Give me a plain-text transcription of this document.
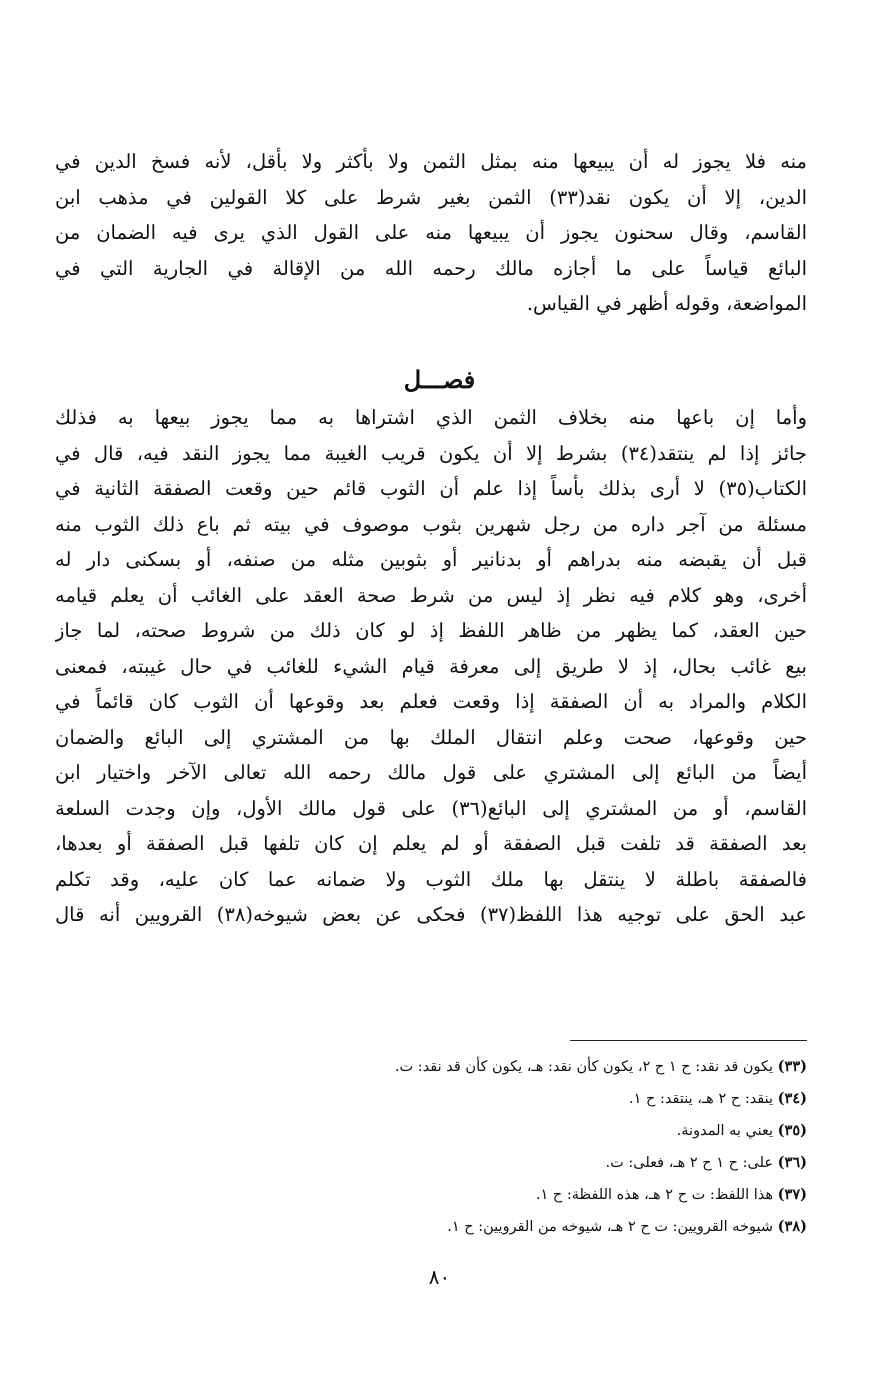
منه فلا يجوز له أن يبيعها منه بمثل الثمن ولا بأكثر ولا بأقل، لأنه فسخ الدين في
الدين، إلا أن يكون نقد(٣٣) الثمن بغير شرط على كلا القولين في مذهب ابن
القاسم، وقال سحنون يجوز أن يبيعها منه على القول الذي يرى فيه الضمان من
البائع قياساً على ما أجازه مالك رحمه الله من الإقالة في الجارية التي في
المواضعة، وقوله أظهر في القياس.
فصـــل
وأما إن باعها منه بخلاف الثمن الذي اشتراها به مما يجوز بيعها به فذلك
جائز إذا لم ينتقد(٣٤) بشرط إلا أن يكون قريب الغيبة مما يجوز النقد فيه، قال في
الكتاب(٣٥) لا أرى بذلك بأساً إذا علم أن الثوب قائم حين وقعت الصفقة الثانية في
مسئلة من آجر داره من رجل شهرين بثوب موصوف في بيته ثم باع ذلك الثوب منه
قبل أن يقبضه منه بدراهم أو بدنانير أو بثوبين مثله من صنفه، أو بسكنى دار له
أخرى، وهو كلام فيه نظر إذ ليس من شرط صحة العقد على الغائب أن يعلم قيامه
حين العقد، كما يظهر من ظاهر اللفظ إذ لو كان ذلك من شروط صحته، لما جاز
بيع غائب بحال، إذ لا طريق إلى معرفة قيام الشيء للغائب في حال غيبته، فمعنى
الكلام والمراد به أن الصفقة إذا وقعت فعلم بعد وقوعها أن الثوب كان قائماً في
حين وقوعها، صحت وعلم انتقال الملك بها من المشتري إلى البائع والضمان
أيضاً من البائع إلى المشتري على قول مالك رحمه الله تعالى الآخر واختيار ابن
القاسم، أو من المشتري إلى البائع(٣٦) على قول مالك الأول، وإن وجدت السلعة
بعد الصفقة قد تلفت قبل الصفقة أو لم يعلم إن كان تلفها قبل الصفقة أو بعدها،
فالصفقة باطلة لا ينتقل بها ملك الثوب ولا ضمانه عما كان عليه، وقد تكلم
عبد الحق على توجيه هذا اللفظ(٣٧) فحكى عن بعض شيوخه(٣٨) القرويين أنه قال
(٣٣) يكون قد نقد: ح ١ ح ٢، يكون كأن نقد: هـ، يكون كأن قد نقد: ت.
(٣٤) ينقد: ح ٢ هـ، ينتقد: ح ١.
(٣٥) يعني به المدونة.
(٣٦) على: ح ١ ح ٢ هـ، فعلى: ت.
(٣٧) هذا اللفظ: ت ح ٢ هـ، هذه اللفظة: ح ١.
(٣٨) شيوخه القرويين: ت ح ٢ هـ، شيوخه من القرويين: ح ١.
٨٠
